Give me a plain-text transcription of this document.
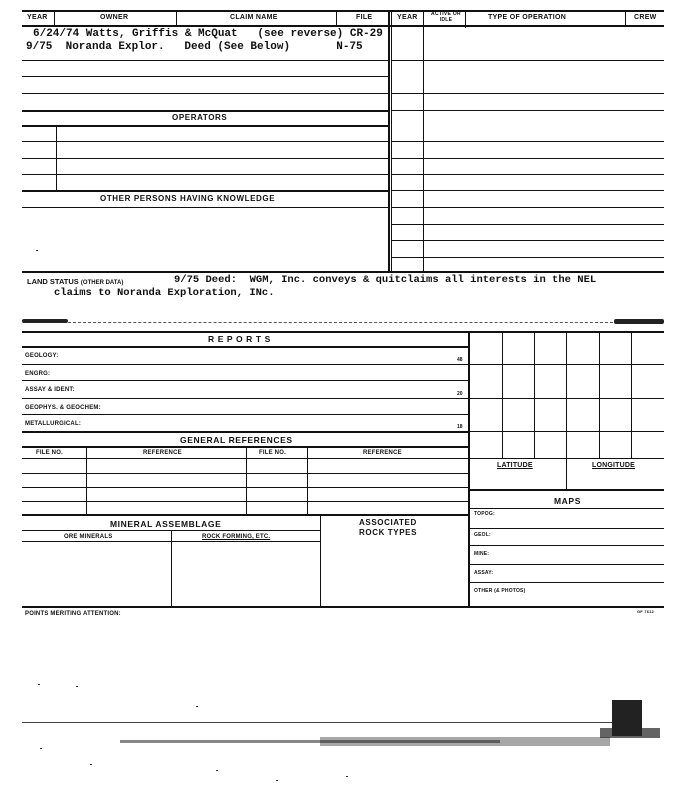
YEAR	OWNER	CLAIM NAME	FILE	YEAR	ACTIVE OR IDLE	TYPE OF OPERATION	CREW
6/24/74 Watts, Griffis & McQuat   (see reverse) CR-29
9/75  Noranda Explor.   Deed (See Below)       N-75
OPERATORS
OTHER PERSONS HAVING KNOWLEDGE
LAND STATUS (OTHER DATA)	9/75 Deed:  WGM, Inc. conveys & quitclaims all interests in the NEL
claims to Noranda Exploration, INc.
R E P O R T S
GEOLOGY:
48
ENGRG:
ASSAY & IDENT:
20
GEOPHYS. & GEOCHEM:
METALLURGICAL:	18
GENERAL REFERENCES
FILE NO.	REFERENCE	FILE NO.	REFERENCE
MINERAL ASSEMBLAGE
ORE MINERALS	ROCK FORMING, ETC.
ASSOCIATED
ROCK TYPES
LATITUDE	LONGITUDE
MAPS
TOPOG:
GEOL:
MINE:
ASSAY:
OTHER (& PHOTOS)
POINTS MERITING ATTENTION:	GF 7612
